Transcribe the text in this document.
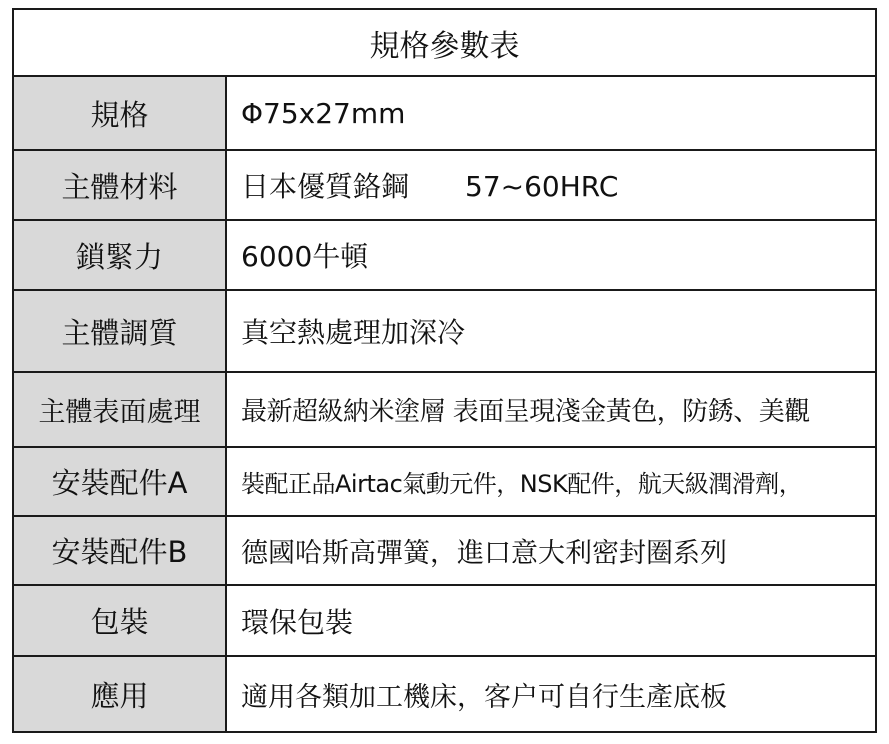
規格參數表
規格	Φ75x27mm
主體材料	日本優質鉻鋼　　57~60HRC
鎖緊力	6000牛頓
主體調質	真空熱處理加深冷
主體表面處理	最新超級納米塗層 表面呈現淺金黃色，防銹、美觀
安裝配件A	裝配正品Airtac氣動元件，NSK配件，航天級潤滑劑，
安裝配件B	德國哈斯高彈簧，進口意大利密封圈系列
包裝	環保包裝
應用	適用各類加工機床，客户可自行生產底板
